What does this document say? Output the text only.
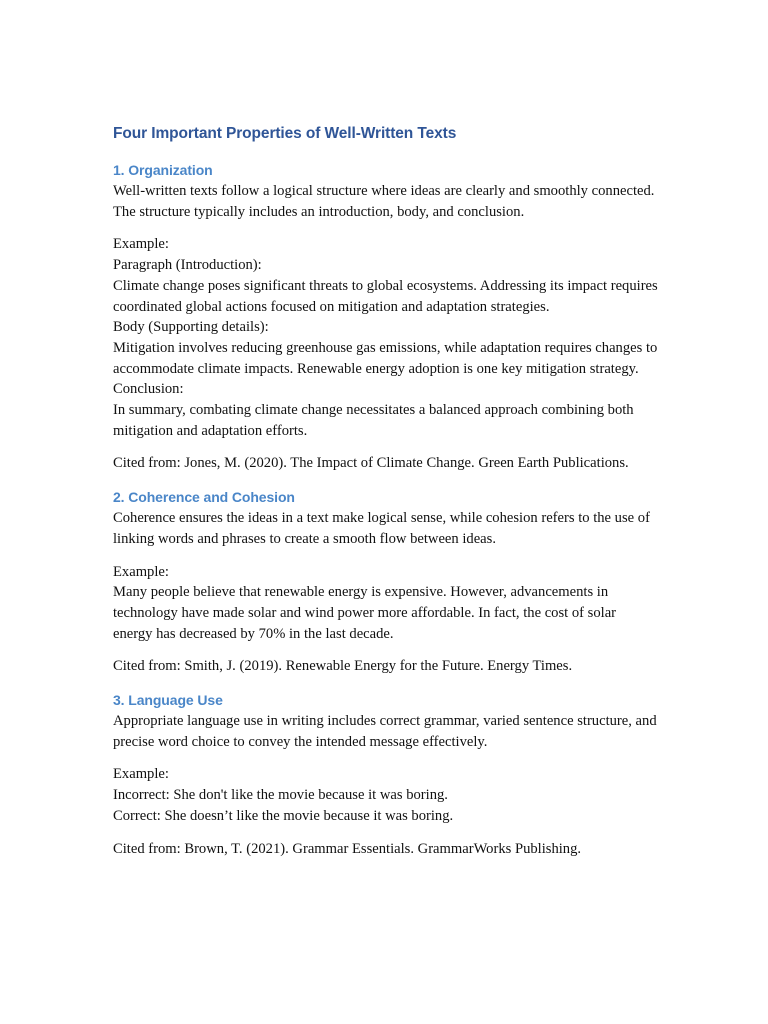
Four Important Properties of Well-Written Texts
1. Organization

Well-written texts follow a logical structure where ideas are clearly and smoothly connected. The structure typically includes an introduction, body, and conclusion.

Example:
Paragraph (Introduction):
Climate change poses significant threats to global ecosystems. Addressing its impact requires coordinated global actions focused on mitigation and adaptation strategies.
Body (Supporting details):
Mitigation involves reducing greenhouse gas emissions, while adaptation requires changes to accommodate climate impacts. Renewable energy adoption is one key mitigation strategy.
Conclusion:
In summary, combating climate change necessitates a balanced approach combining both mitigation and adaptation efforts.

Cited from: Jones, M. (2020). The Impact of Climate Change. Green Earth Publications.

2. Coherence and Cohesion

Coherence ensures the ideas in a text make logical sense, while cohesion refers to the use of linking words and phrases to create a smooth flow between ideas.

Example:
Many people believe that renewable energy is expensive. However, advancements in technology have made solar and wind power more affordable. In fact, the cost of solar energy has decreased by 70% in the last decade.

Cited from: Smith, J. (2019). Renewable Energy for the Future. Energy Times.

3. Language Use

Appropriate language use in writing includes correct grammar, varied sentence structure, and precise word choice to convey the intended message effectively.

Example:
Incorrect: She don't like the movie because it was boring.
Correct: She doesn’t like the movie because it was boring.

Cited from: Brown, T. (2021). Grammar Essentials. GrammarWorks Publishing.
